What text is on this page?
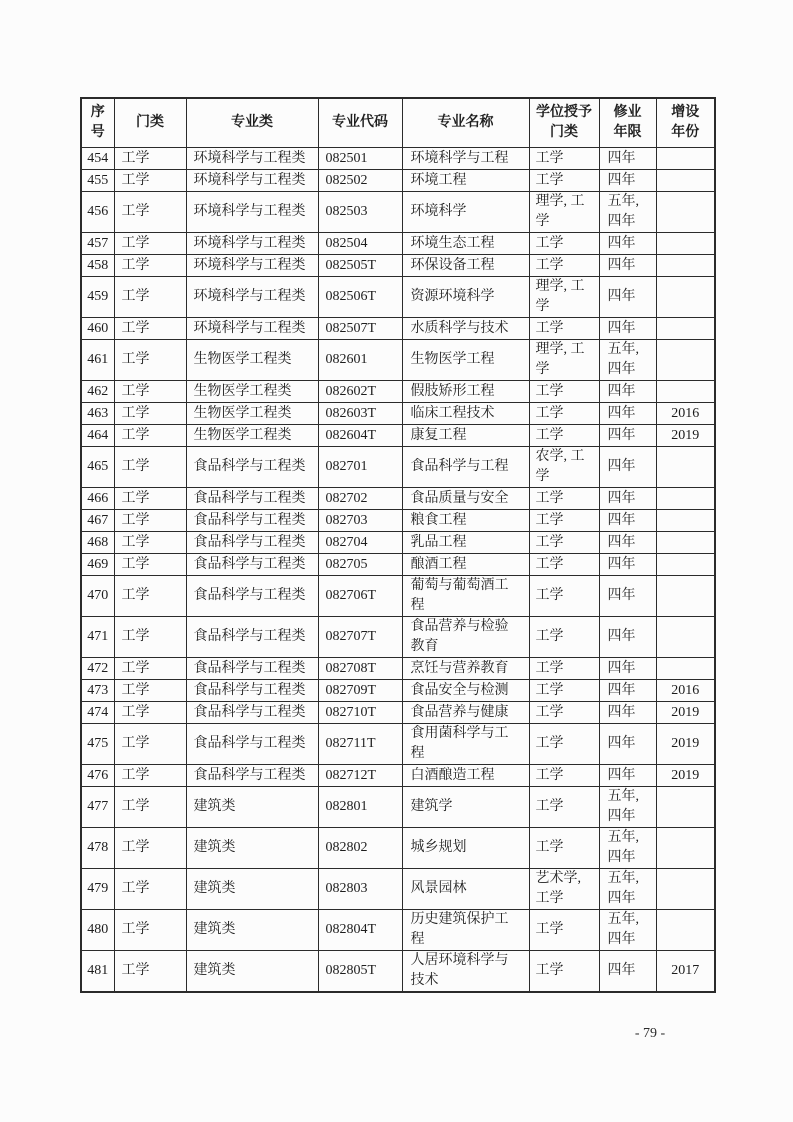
序号	门类	专业类	专业代码	专业名称	学位授予门类	修业年限	增设年份
454	工学	环境科学与工程类	082501	环境科学与工程	工学	四年	
455	工学	环境科学与工程类	082502	环境工程	工学	四年	
456	工学	环境科学与工程类	082503	环境科学	理学, 工学	五年, 四年	
457	工学	环境科学与工程类	082504	环境生态工程	工学	四年	
458	工学	环境科学与工程类	082505T	环保设备工程	工学	四年	
459	工学	环境科学与工程类	082506T	资源环境科学	理学, 工学	四年	
460	工学	环境科学与工程类	082507T	水质科学与技术	工学	四年	
461	工学	生物医学工程类	082601	生物医学工程	理学, 工学	五年, 四年	
462	工学	生物医学工程类	082602T	假肢矫形工程	工学	四年	
463	工学	生物医学工程类	082603T	临床工程技术	工学	四年	2016
464	工学	生物医学工程类	082604T	康复工程	工学	四年	2019
465	工学	食品科学与工程类	082701	食品科学与工程	农学, 工学	四年	
466	工学	食品科学与工程类	082702	食品质量与安全	工学	四年	
467	工学	食品科学与工程类	082703	粮食工程	工学	四年	
468	工学	食品科学与工程类	082704	乳品工程	工学	四年	
469	工学	食品科学与工程类	082705	酿酒工程	工学	四年	
470	工学	食品科学与工程类	082706T	葡萄与葡萄酒工程	工学	四年	
471	工学	食品科学与工程类	082707T	食品营养与检验教育	工学	四年	
472	工学	食品科学与工程类	082708T	烹饪与营养教育	工学	四年	
473	工学	食品科学与工程类	082709T	食品安全与检测	工学	四年	2016
474	工学	食品科学与工程类	082710T	食品营养与健康	工学	四年	2019
475	工学	食品科学与工程类	082711T	食用菌科学与工程	工学	四年	2019
476	工学	食品科学与工程类	082712T	白酒酿造工程	工学	四年	2019
477	工学	建筑类	082801	建筑学	工学	五年, 四年	
478	工学	建筑类	082802	城乡规划	工学	五年, 四年	
479	工学	建筑类	082803	风景园林	艺术学, 工学	五年, 四年	
480	工学	建筑类	082804T	历史建筑保护工程	工学	五年, 四年	
481	工学	建筑类	082805T	人居环境科学与技术	工学	四年	2017
- 79 -
